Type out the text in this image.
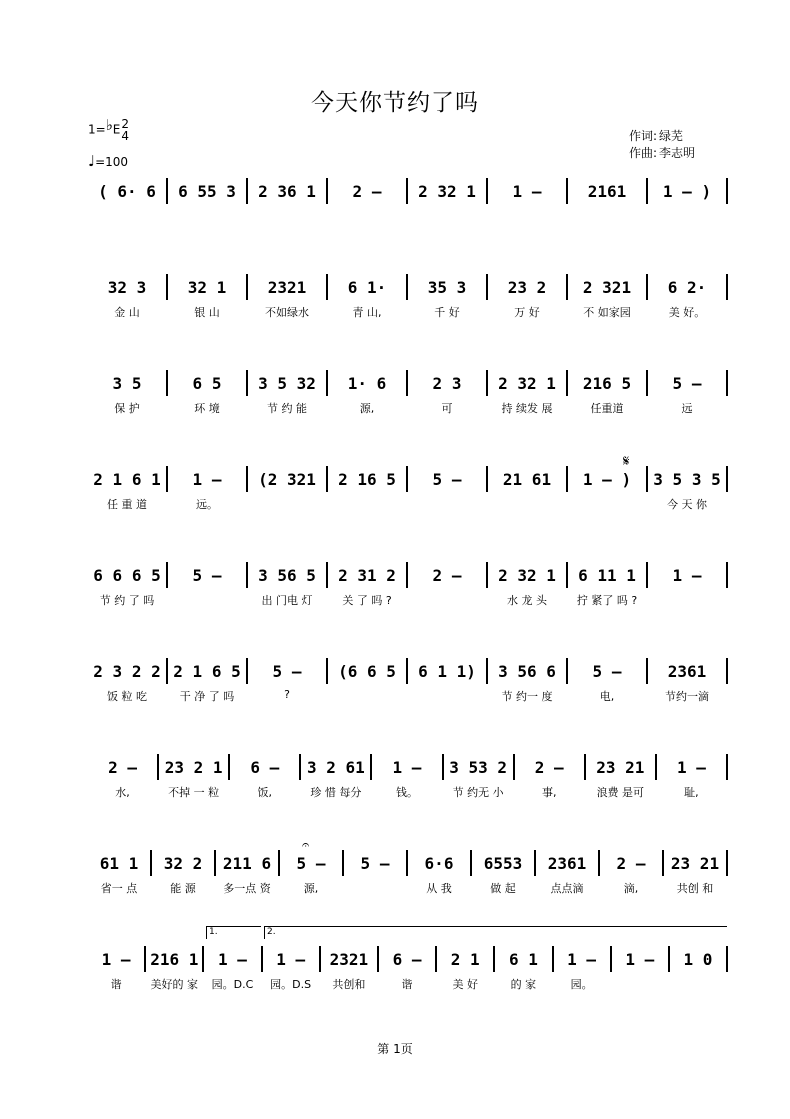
今天你节约了吗
1=♭E2
4
♩=100
作词: 绿芜
作曲: 李志明
( 6· 6	6 55 3	2 36 1	2 –	2 32 1	1 –	2161	1 – )
32 3	32 1	2321	6 1·	35 3	23 2	2 321	6 2·
金 山	银 山	不如绿水	青 山,	千 好	万 好	不 如家园	美 好。
3 5	6 5	3 5 32	1· 6	2 3	2 32 1	216 5	5 –
保 护	环 境	节 约 能	源,	可	持 续发 展	任重道	远
2 1 6 1	1 –	(2 321	2 16 5	5 –	21 61	1 – )	3 5 3 5
任 重 道	远。	今 天 你
𝄋
6 6 6 5	5 –	3 56 5	2 31 2	2 –	2 32 1	6 11 1	1 –
节 约 了 吗	出 门电 灯	关 了 吗 ?	水 龙 头	拧 紧了 吗 ?
2 3 2 2 2 1 6 5	5 –	(6 6 5	6 1 1)	3 56 6	5 –	2361
饭 粒 吃	干 净 了 吗	?	节 约一 度	电,	节约一滴
2 –	23 2 1	6 –	3 2 61	1 –	3 53 2	2 –	23 21	1 –
水,	不掉 一 粒	饭,	珍 惜 每分	钱。	节 约无 小	事,	浪费 是可	耻,
61 1	32 2	211 6	5 –	5 –	6·6	6553	2361	2 –	23 21
省一 点	能 源	多一点 资	源,	从 我	做 起	点点滴	滴,	共创 和
𝄐
1 –	216 1	1 –	1 –	2321	6 –	2 1	6 1	1 –	1 –	1 0
谐	美好的 家	园。D.C	园。D.S	共创和	谐	美 好	的 家	园。
1.	2.
第 1页
